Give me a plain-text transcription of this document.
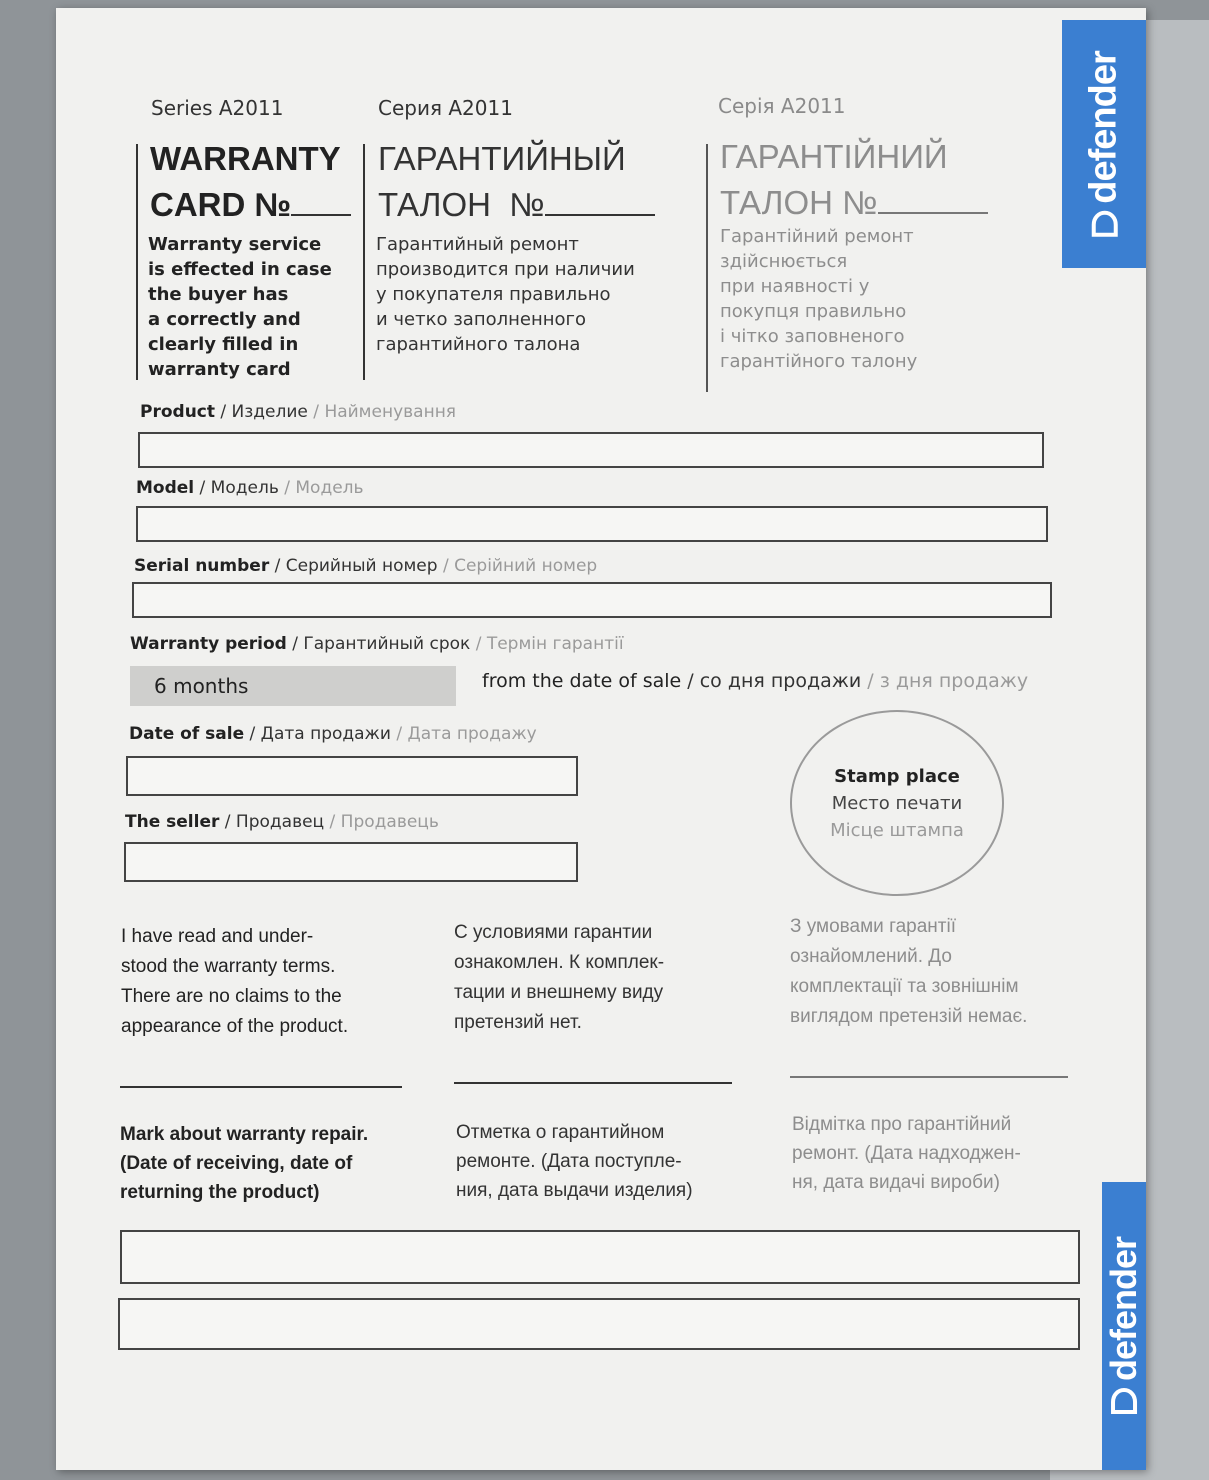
defender
Series A2011	Серия A2011	Серія A2011
WARRANTY
CARD №
ГАРАНТИЙНЫЙ
ТАЛОН  №
ГАРАНТІЙНИЙ
ТАЛОН №
Warranty service
is effected in case
the buyer has
a correctly and
clearly filled in
warranty card
Гарантийный ремонт
производится при наличии
у покупателя правильно
и четко заполненного
гарантийного талона
Гарантійний ремонт
здійснюється
при наявності у
покупця правильно
і чітко заповненого
гарантійного талону
Product / Изделие / Найменування
Model / Модель / Модель
Serial number / Серийный номер / Серійний номер
Warranty period / Гарантийный срок / Термін гарантії
6 months	from the date of sale / со дня продажи / з дня продажу
Date of sale / Дата продажи / Дата продажу
The seller / Продавец / Продавець
Stamp place
Место печати
Місце штампа
I have read and under-
stood the warranty terms.
There are no claims to the
appearance of the product.
С условиями гарантии
ознакомлен. К комплек-
тации и внешнему виду
претензий нет.
З умовами гарантії
ознайомлений. До
комплектації та зовнішнім
виглядом претензій немає.
Mark about warranty repair.
(Date of receiving, date of
returning the product)
Отметка о гарантийном
ремонте. (Дата поступле-
ния, дата выдачи изделия)
Відмітка про гарантійний
ремонт. (Дата надходжен-
ня, дата видачі вироби)
defender
